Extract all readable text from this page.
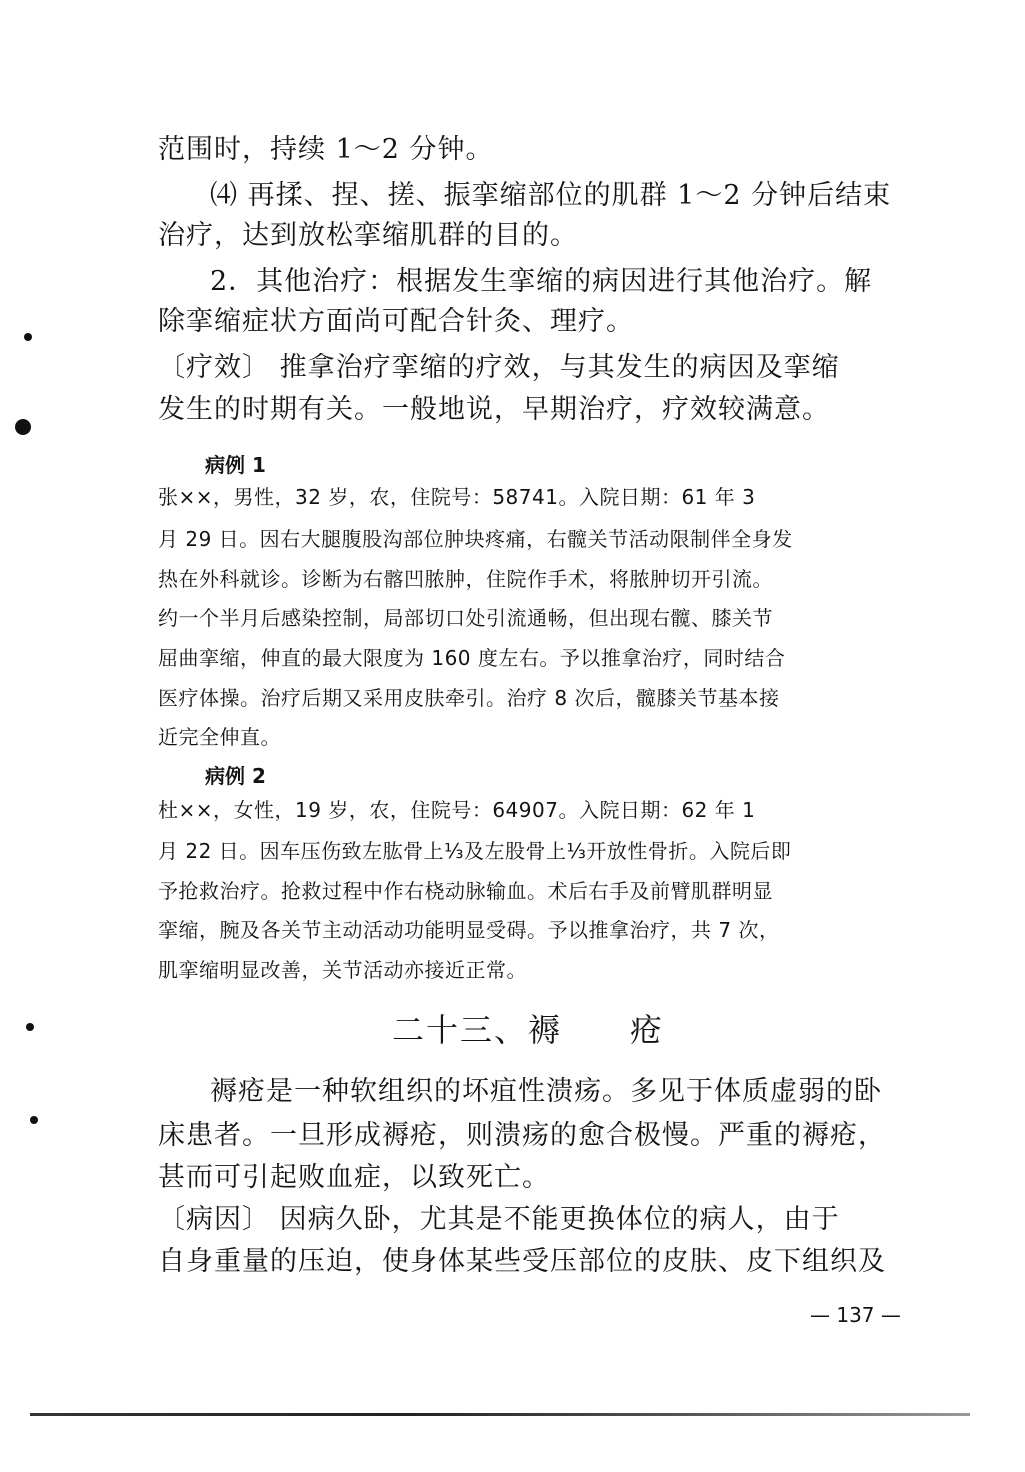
范围时，持续 1～2 分钟。
⑷ 再揉、捏、搓、振挛缩部位的肌群 1～2 分钟后结束
治疗，达到放松挛缩肌群的目的。
2．其他治疗：根据发生挛缩的病因进行其他治疗。解
除挛缩症状方面尚可配合针灸、理疗。
〔疗效〕 推拿治疗挛缩的疗效，与其发生的病因及挛缩
发生的时期有关。一般地说，早期治疗，疗效较满意。
病例 1
张××，男性，32 岁，农，住院号：58741。入院日期：61 年 3
月 29 日。因右大腿腹股沟部位肿块疼痛，右髋关节活动限制伴全身发
热在外科就诊。诊断为右髂凹脓肿，住院作手术，将脓肿切开引流。
约一个半月后感染控制，局部切口处引流通畅，但出现右髋、膝关节
屈曲挛缩，伸直的最大限度为 160 度左右。予以推拿治疗，同时结合
医疗体操。治疗后期又采用皮肤牵引。治疗 8 次后，髋膝关节基本接
近完全伸直。
病例 2
杜××，女性，19 岁，农，住院号：64907。入院日期：62 年 1
月 22 日。因车压伤致左肱骨上⅓及左股骨上⅓开放性骨折。入院后即
予抢救治疗。抢救过程中作右桡动脉输血。术后右手及前臂肌群明显
挛缩，腕及各关节主动活动功能明显受碍。予以推拿治疗，共 7 次，
肌挛缩明显改善，关节活动亦接近正常。
二十三、褥 疮
褥疮是一种软组织的坏疽性溃疡。多见于体质虚弱的卧
床患者。一旦形成褥疮，则溃疡的愈合极慢。严重的褥疮，
甚而可引起败血症，以致死亡。
〔病因〕 因病久卧，尤其是不能更换体位的病人，由于
自身重量的压迫，使身体某些受压部位的皮肤、皮下组织及
— 137 —
